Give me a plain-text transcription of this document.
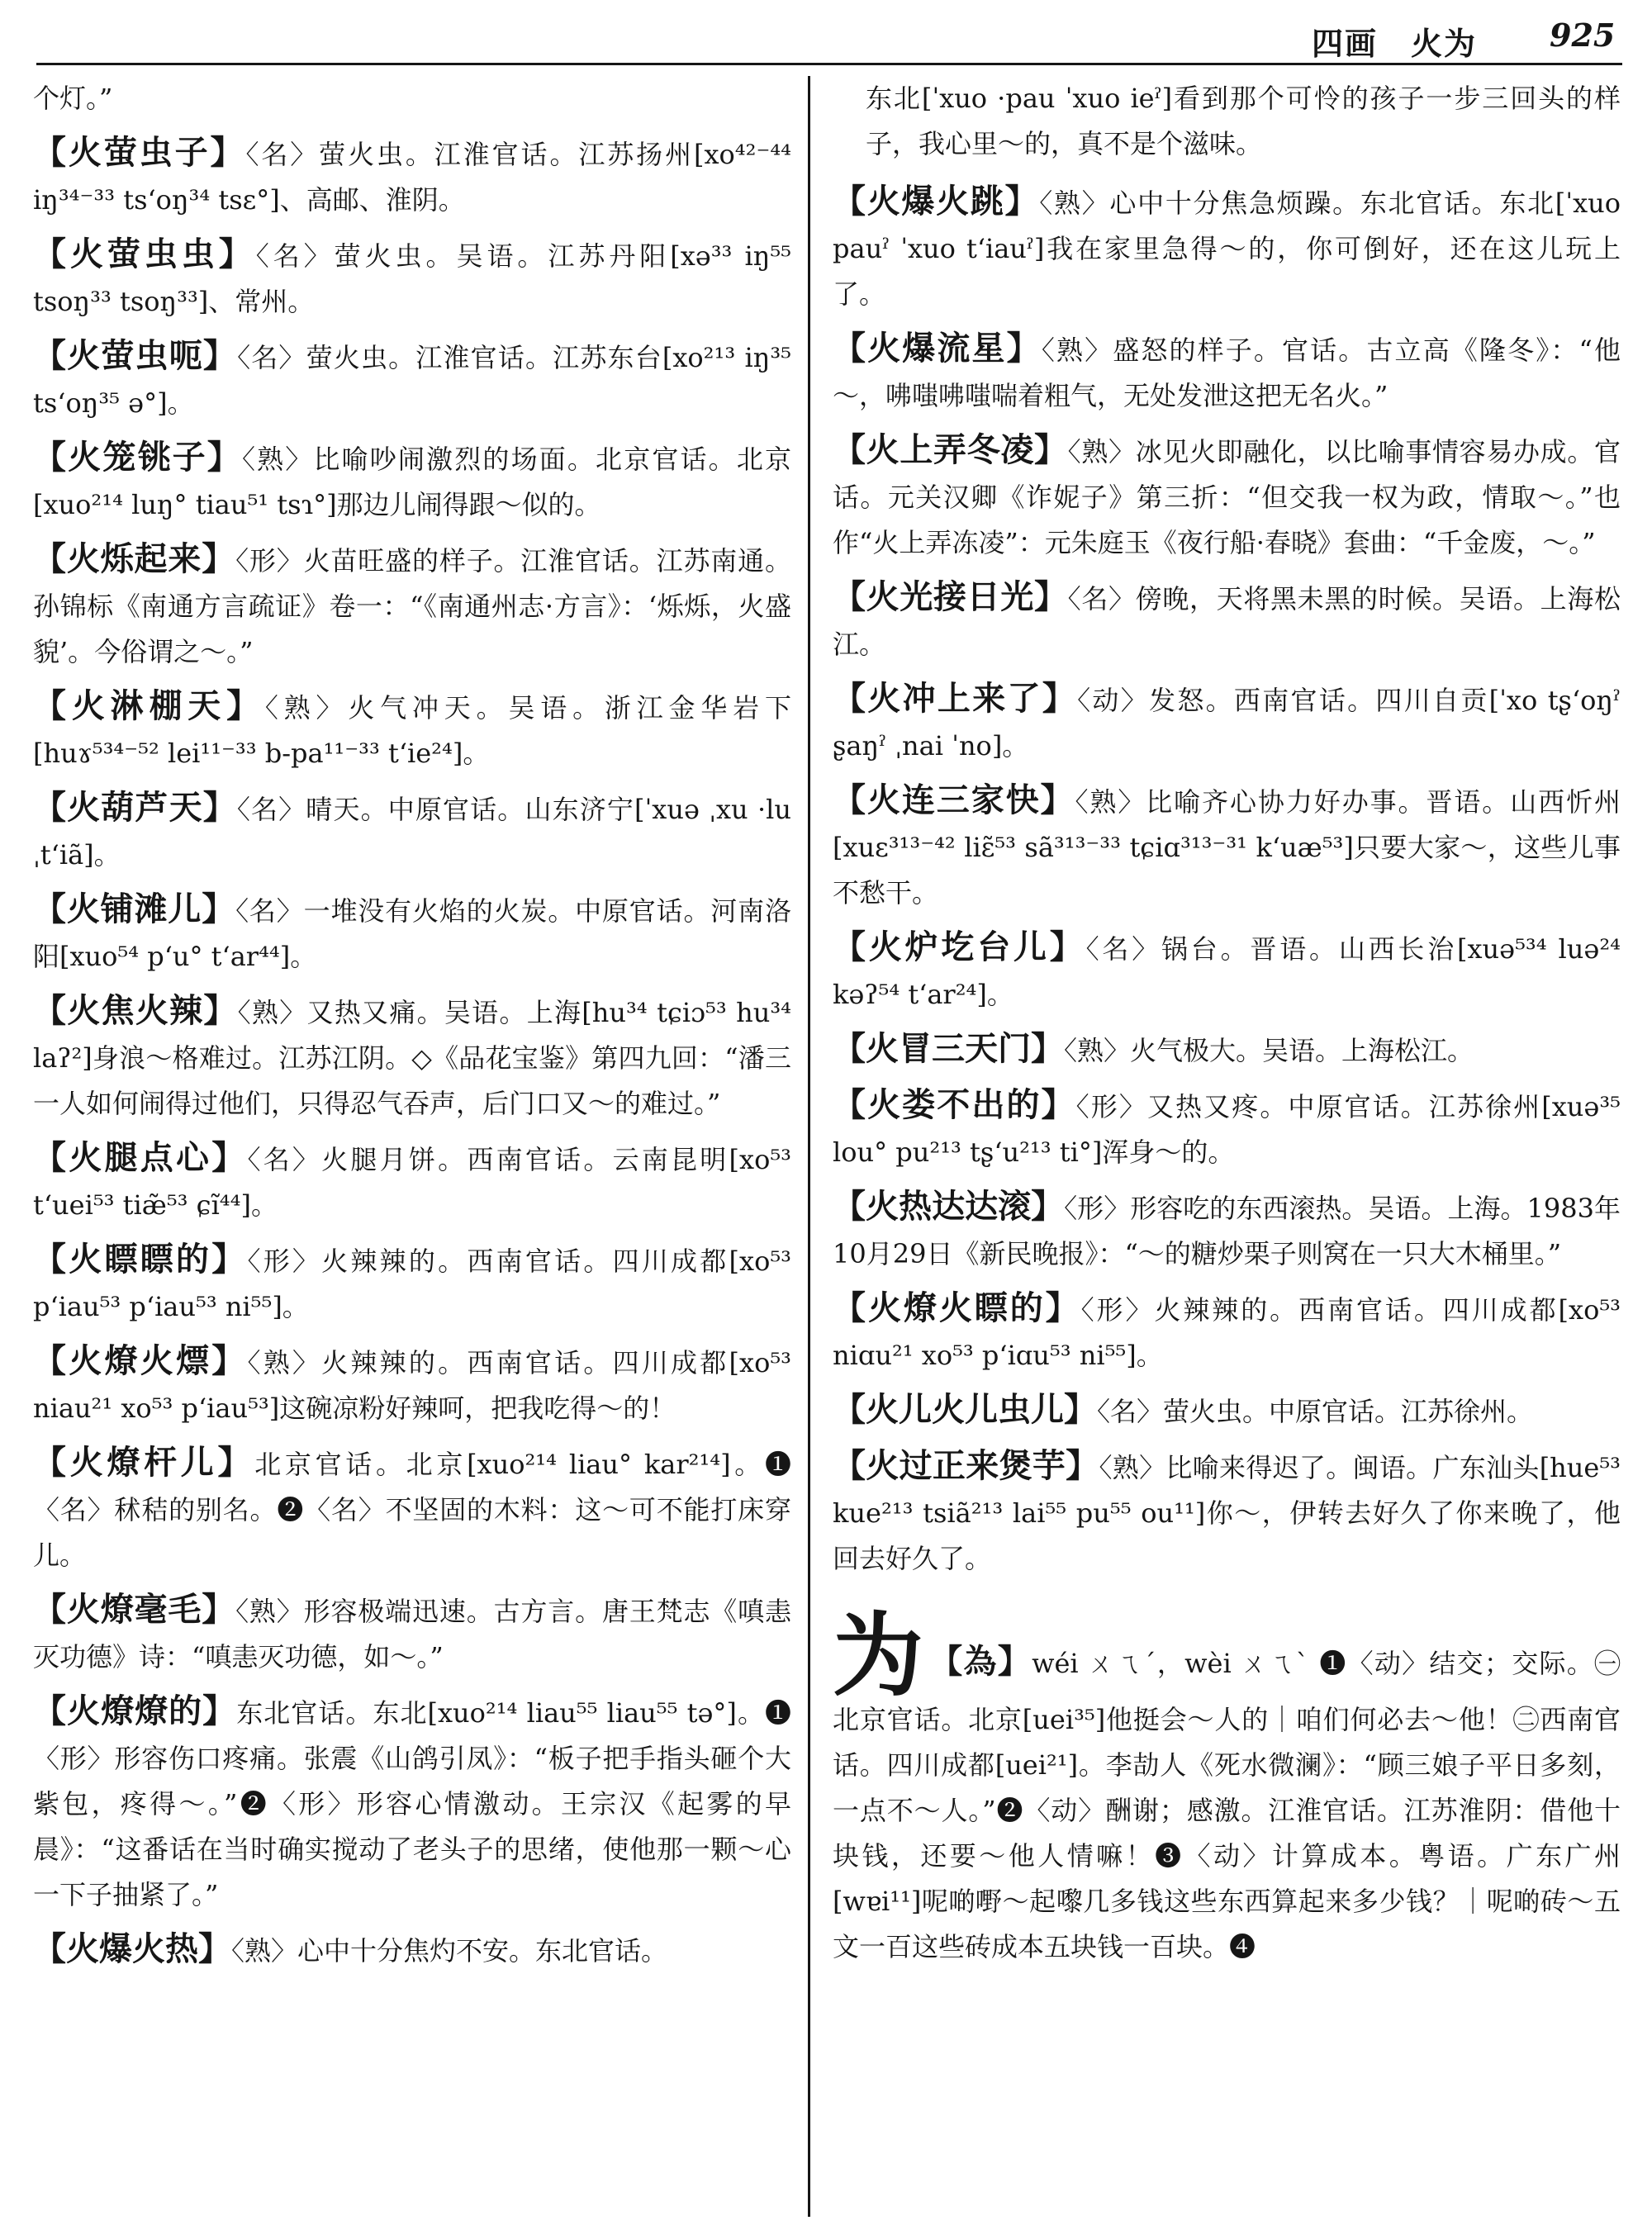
四画　火为 925
个灯。”
【火萤虫子】〈名〉萤火虫。江淮官话。江苏扬州[xo⁴²⁻⁴⁴ iŋ³⁴⁻³³ tsʻoŋ³⁴ tsɛ°]、高邮、淮阴。
【火萤虫虫】〈名〉萤火虫。吴语。江苏丹阳[xə³³ iŋ⁵⁵ tsoŋ³³ tsoŋ³³]、常州。
【火萤虫呃】〈名〉萤火虫。江淮官话。江苏东台[xo²¹³ iŋ³⁵ tsʻoŋ³⁵ ə°]。
【火笼铫子】〈熟〉比喻吵闹激烈的场面。北京官话。北京[xuo²¹⁴ luŋ° tiau⁵¹ tsɿ°]那边儿闹得跟～似的。
【火烁起来】〈形〉火苗旺盛的样子。江淮官话。江苏南通。孙锦标《南通方言疏证》卷一：“《南通州志·方言》：‘烁烁，火盛貌’。今俗谓之～。”
【火淋棚天】〈熟〉火气冲天。吴语。浙江金华岩下[huɤ⁵³⁴⁻⁵² lei¹¹⁻³³ b-pa¹¹⁻³³ tʻie²⁴]。
【火葫芦天】〈名〉晴天。中原官话。山东济宁[ˈxuə ˌxu ·lu ˌtʻiã]。
【火铺滩儿】〈名〉一堆没有火焰的火炭。中原官话。河南洛阳[xuo⁵⁴ pʻu° tʻar⁴⁴]。
【火焦火辣】〈熟〉又热又痛。吴语。上海[hu³⁴ tɕiɔ⁵³ hu³⁴ laʔ²]身浪～格难过。江苏江阴。◇《品花宝鉴》第四九回：“潘三一人如何闹得过他们，只得忍气吞声，后门口又～的难过。”
【火腿点心】〈名〉火腿月饼。西南官话。云南昆明[xo⁵³ tʻuei⁵³ tiæ̃⁵³ ɕĩ⁴⁴]。
【火瞟瞟的】〈形〉火辣辣的。西南官话。四川成都[xo⁵³ pʻiau⁵³ pʻiau⁵³ ni⁵⁵]。
【火燎火熛】〈熟〉火辣辣的。西南官话。四川成都[xo⁵³ niau²¹ xo⁵³ pʻiau⁵³]这碗凉粉好辣呵，把我吃得～的！
【火燎杆儿】北京官话。北京[xuo²¹⁴ liau° kar²¹⁴]。❶〈名〉秫秸的别名。❷〈名〉不坚固的木料：这～可不能打床穿儿。
【火燎毫毛】〈熟〉形容极端迅速。古方言。唐王梵志《嗔恚灭功德》诗：“嗔恚灭功德，如～。”
【火燎燎的】东北官话。东北[xuo²¹⁴ liau⁵⁵ liau⁵⁵ tə°]。❶〈形〉形容伤口疼痛。张震《山鸽引凤》：“板子把手指头砸个大紫包，疼得～。”❷〈形〉形容心情激动。王宗汉《起雾的早晨》：“这番话在当时确实搅动了老头子的思绪，使他那一颗～心一下子抽紧了。”
【火爆火热】〈熟〉心中十分焦灼不安。东北官话。
东北[ˈxuo ·pau ˈxuo ieˀ]看到那个可怜的孩子一步三回头的样子，我心里～的，真不是个滋味。
【火爆火跳】〈熟〉心中十分焦急烦躁。东北官话。东北[ˈxuo pauˀ ˈxuo tʻiauˀ]我在家里急得～的，你可倒好，还在这儿玩上了。
【火爆流星】〈熟〉盛怒的样子。官话。古立高《隆冬》：“他～，咈嗤咈嗤喘着粗气，无处发泄这把无名火。”
【火上弄冬凌】〈熟〉冰见火即融化，以比喻事情容易办成。官话。元关汉卿《诈妮子》第三折：“但交我一权为政，情取～。”也作“火上弄冻凌”：元朱庭玉《夜行船·春晓》套曲：“千金废，～。”
【火光接日光】〈名〉傍晚，天将黑未黑的时候。吴语。上海松江。
【火冲上来了】〈动〉发怒。西南官话。四川自贡[ˈxo tʂʻoŋˀ ʂaŋˀ ˌnai ˈno]。
【火连三家快】〈熟〉比喻齐心协力好办事。晋语。山西忻州[xuɛ³¹³⁻⁴² liɛ̃⁵³ sã³¹³⁻³³ tɕiɑ³¹³⁻³¹ kʻuæ⁵³]只要大家～，这些儿事不愁干。
【火炉圪台儿】〈名〉锅台。晋语。山西长治[xuə⁵³⁴ luə²⁴ kəʔ⁵⁴ tʻar²⁴]。
【火冒三天门】〈熟〉火气极大。吴语。上海松江。
【火娄不出的】〈形〉又热又疼。中原官话。江苏徐州[xuə³⁵ lou° pu²¹³ tʂʻu²¹³ ti°]浑身～的。
【火热达达滚】〈形〉形容吃的东西滚热。吴语。上海。1983年10月29日《新民晚报》：“～的糖炒栗子则窝在一只大木桶里。”
【火燎火瞟的】〈形〉火辣辣的。西南官话。四川成都[xo⁵³ niɑu²¹ xo⁵³ pʻiɑu⁵³ ni⁵⁵]。
【火儿火儿虫儿】〈名〉萤火虫。中原官话。江苏徐州。
【火过正来煲芋】〈熟〉比喻来得迟了。闽语。广东汕头[hue⁵³ kue²¹³ tsiã²¹³ lai⁵⁵ pu⁵⁵ ou¹¹]你～，伊转去好久了你来晚了，他回去好久了。
为 【為】wéi ㄨㄟˊ，wèi ㄨㄟˋ ❶〈动〉结交；交际。㊀北京官话。北京[uei³⁵]他挺会～人的｜咱们何必去～他！㊁西南官话。四川成都[uei²¹]。李劼人《死水微澜》：“顾三娘子平日多刻，一点不～人。”❷〈动〉酬谢；感激。江淮官话。江苏淮阴：借他十块钱，还要～他人情嘛！❸〈动〉计算成本。粤语。广东广州[wɐi¹¹]呢啲嘢～起嚟几多钱这些东西算起来多少钱？｜呢啲砖～五文一百这些砖成本五块钱一百块。❹
